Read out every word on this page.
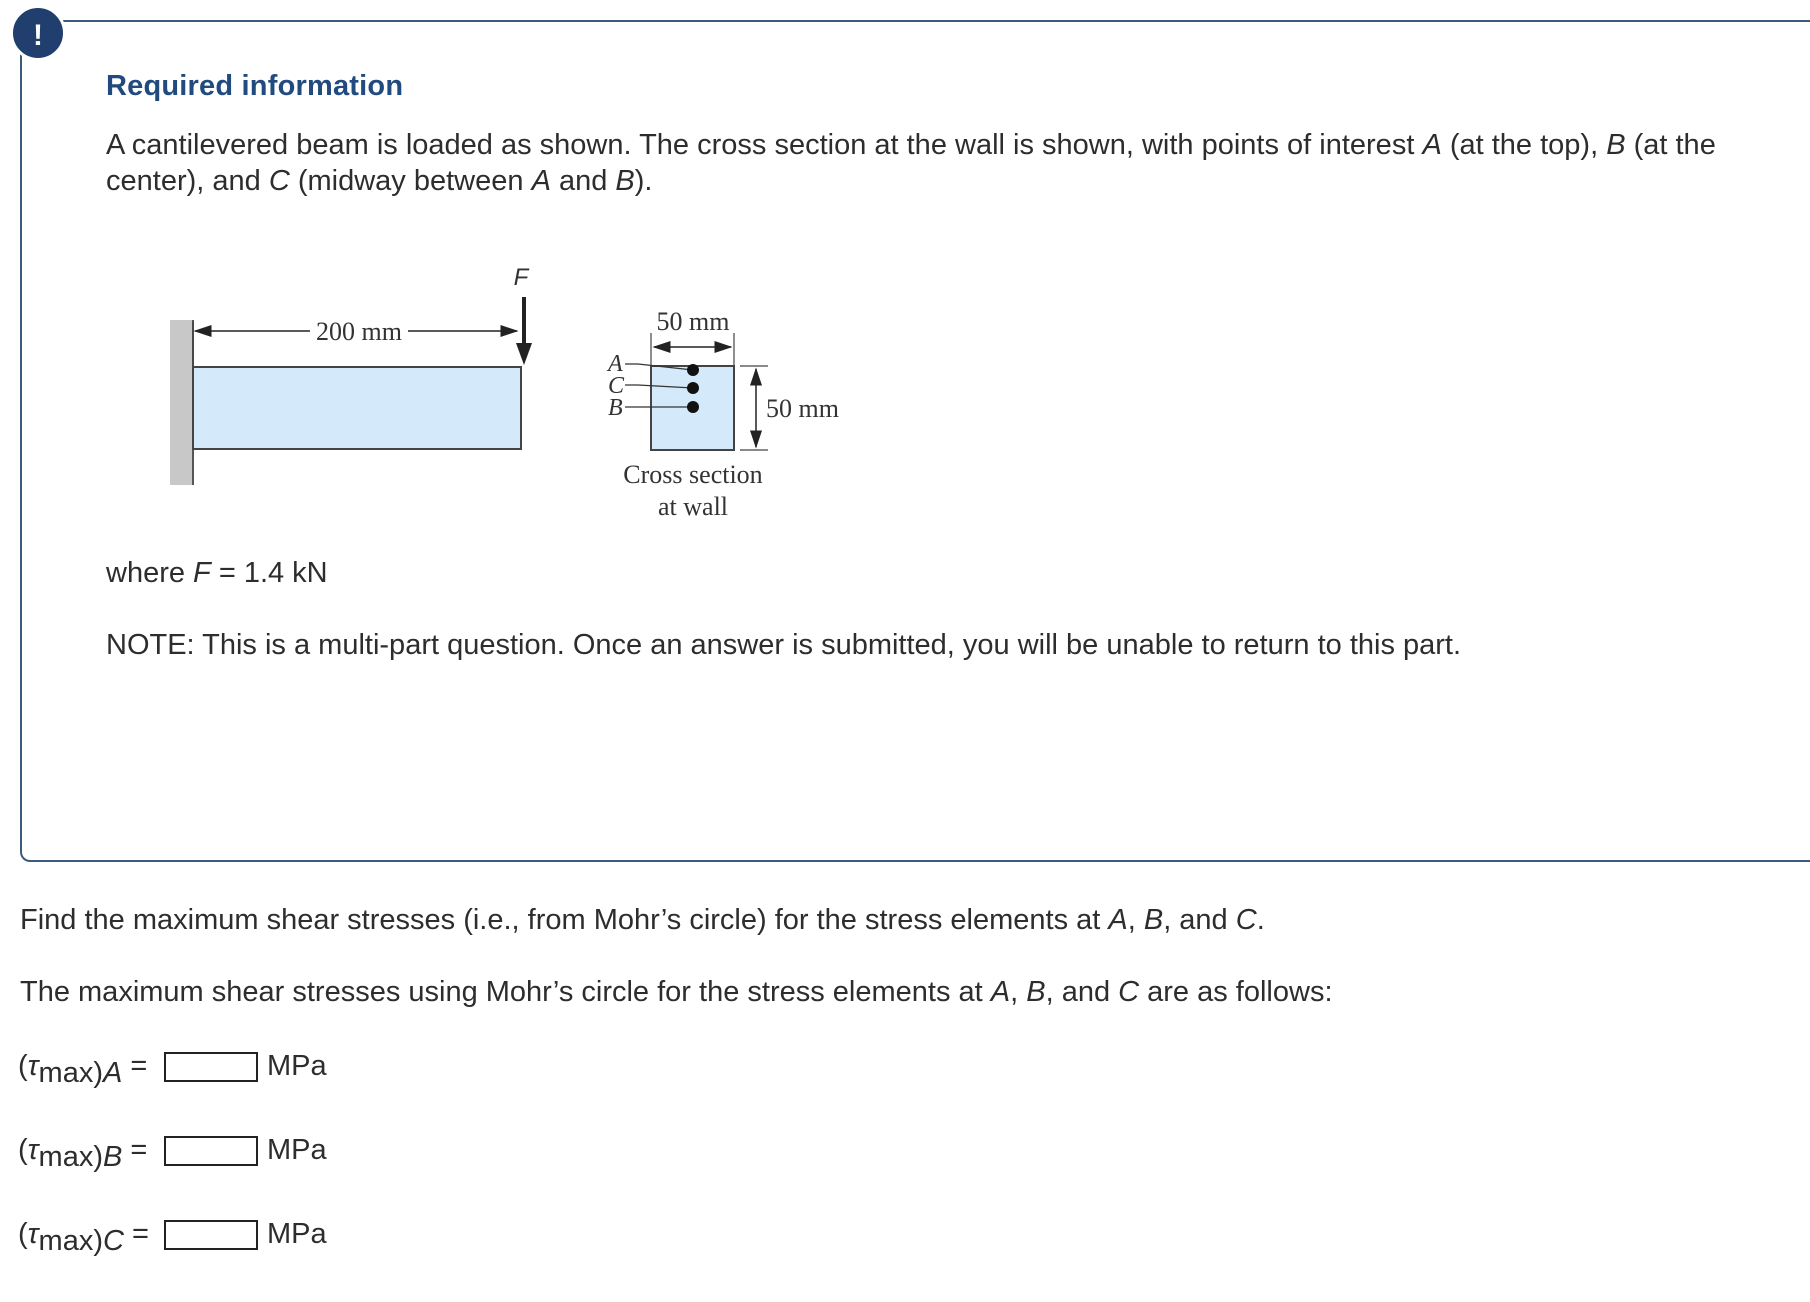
!
Required information
A cantilevered beam is loaded as shown. The cross section at the wall is shown, with points of interest A (at the top), B (at the center), and C (midway between A and B).
200 mm
F
50 mm
50 mm
A
C
B
Cross section
at wall
where F = 1.4 kN
NOTE: This is a multi-part question. Once an answer is submitted, you will be unable to return to this part.
Find the maximum shear stresses (i.e., from Mohr’s circle) for the stress elements at A, B, and C.
The maximum shear stresses using Mohr’s circle for the stress elements at A, B, and C are as follows:
(τmax)A =	MPa
(τmax)B =	MPa
(τmax)C =	MPa
